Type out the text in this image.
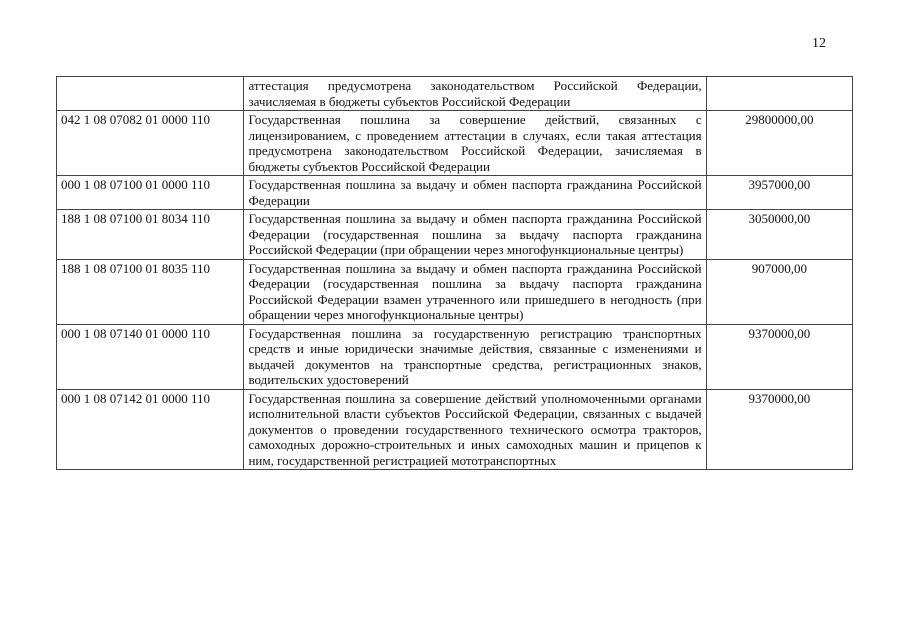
12
	аттестация предусмотрена законодательством Российской Федерации, зачисляемая в бюджеты субъектов Российской Федерации	
042 1 08 07082 01 0000 110	Государственная пошлина за совершение действий, связанных с лицензированием, с проведением аттестации в случаях, если такая аттестация предусмотрена законодательством Российской Федерации, зачисляемая в бюджеты субъектов Российской Федерации	29800000,00
000 1 08 07100 01 0000 110	Государственная пошлина за выдачу и обмен паспорта гражданина Российской Федерации	3957000,00
188 1 08 07100 01 8034 110	Государственная пошлина за выдачу и обмен паспорта гражданина Российской Федерации (государственная пошлина за выдачу паспорта гражданина Российской Федерации (при обращении через многофункциональные центры)	3050000,00
188 1 08 07100 01 8035 110	Государственная пошлина за выдачу и обмен паспорта гражданина Российской Федерации (государственная пошлина за выдачу паспорта гражданина Российской Федерации взамен утраченного или пришедшего в негодность (при обращении через многофункциональные центры)	907000,00
000 1 08 07140 01 0000 110	Государственная пошлина за государственную регистрацию транспортных средств и иные юридически значимые действия, связанные с изменениями и выдачей документов на транспортные средства, регистрационных знаков, водительских удостоверений	9370000,00
000 1 08 07142 01 0000 110	Государственная пошлина за совершение действий уполномоченными органами исполнительной власти субъектов Российской Федерации, связанных с выдачей документов о проведении государственного технического осмотра тракторов, самоходных дорожно-строительных и иных самоходных машин и прицепов к ним, государственной регистрацией мототранспортных	9370000,00
